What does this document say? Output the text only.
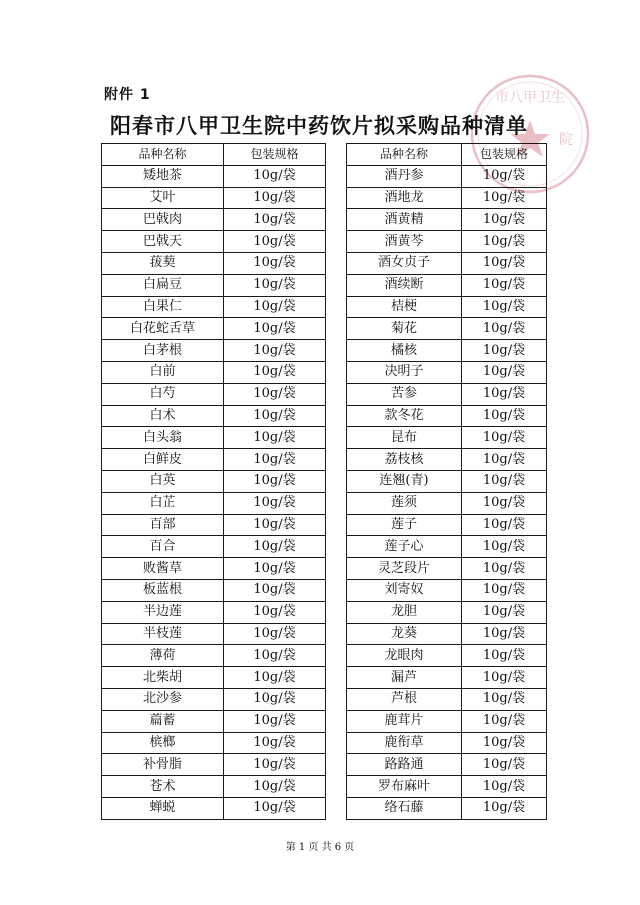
附件 1	市八甲卫生
院
阳春市八甲卫生院中药饮片拟采购品种清单
品种名称	包装规格
矮地茶	10g/袋
艾叶	10g/袋
巴戟肉	10g/袋
巴戟天	10g/袋
菝葜	10g/袋
白扁豆	10g/袋
白果仁	10g/袋
白花蛇舌草	10g/袋
白茅根	10g/袋
白前	10g/袋
白芍	10g/袋
白术	10g/袋
白头翁	10g/袋
白鲜皮	10g/袋
白英	10g/袋
白芷	10g/袋
百部	10g/袋
百合	10g/袋
败酱草	10g/袋
板蓝根	10g/袋
半边莲	10g/袋
半枝莲	10g/袋
薄荷	10g/袋
北柴胡	10g/袋
北沙参	10g/袋
萹蓄	10g/袋
槟榔	10g/袋
补骨脂	10g/袋
苍术	10g/袋
蝉蜕	10g/袋
品种名称	包装规格
酒丹参	10g/袋
酒地龙	10g/袋
酒黄精	10g/袋
酒黄芩	10g/袋
酒女贞子	10g/袋
酒续断	10g/袋
桔梗	10g/袋
菊花	10g/袋
橘核	10g/袋
决明子	10g/袋
苦参	10g/袋
款冬花	10g/袋
昆布	10g/袋
荔枝核	10g/袋
连翘(青)	10g/袋
莲须	10g/袋
莲子	10g/袋
莲子心	10g/袋
灵芝段片	10g/袋
刘寄奴	10g/袋
龙胆	10g/袋
龙葵	10g/袋
龙眼肉	10g/袋
漏芦	10g/袋
芦根	10g/袋
鹿茸片	10g/袋
鹿衔草	10g/袋
路路通	10g/袋
罗布麻叶	10g/袋
络石藤	10g/袋
第 1 页 共 6 页
